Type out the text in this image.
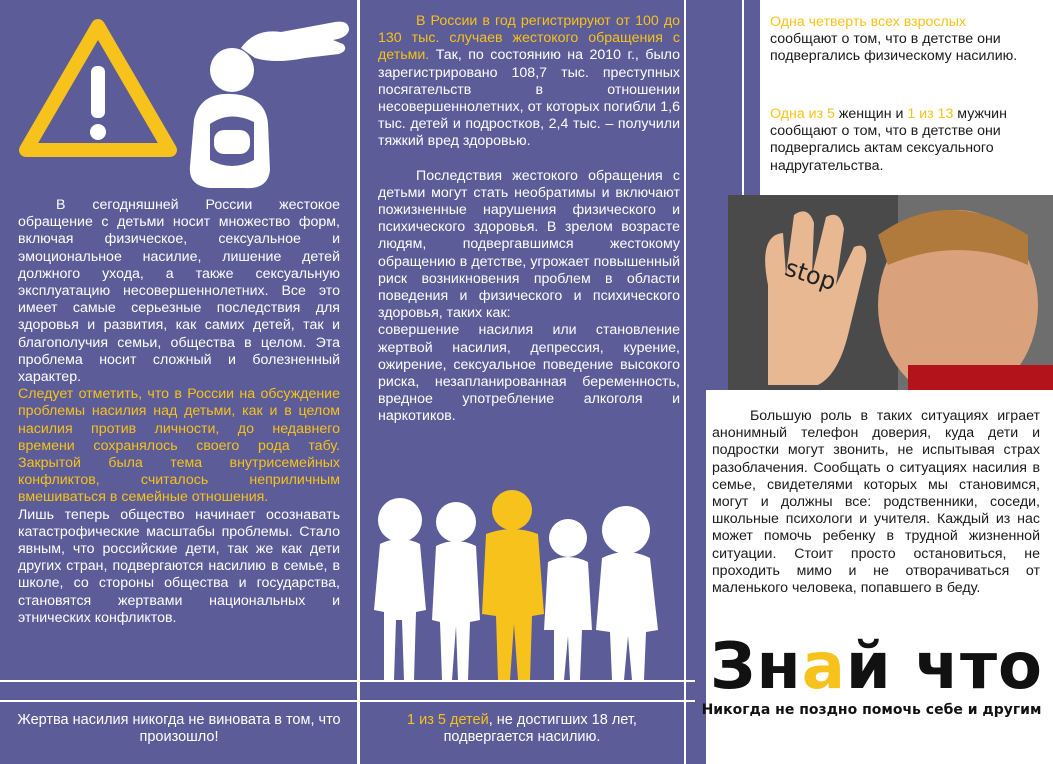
В сегодняшней России жестокое обращение с детьми носит множество форм, включая физическое, сексуальное и эмоциональное насилие, лишение детей должного ухода, а также сексуальную эксплуатацию несовершеннолетних. Все это имеет самые серьезные последствия для здоровья и развития, как самих детей, так и благополучия семьи, общества в целом. Эта проблема носит сложный и болезненный характер.

Следует отметить, что в России на обсуждение проблемы насилия над детьми, как и в целом насилия против личности, до недавнего времени сохранялось своего рода табу. Закрытой была тема внутрисемейных конфликтов, считалось неприличным вмешиваться в семейные отношения.

Лишь теперь общество начинает осознавать катастрофические масштабы проблемы. Стало явным, что российские дети, так же как дети других стран, подвергаются насилию в семье, в школе, со стороны общества и государства, становятся жертвами национальных и этнических конфликтов.

Жертва насилия никогда не виновата в том, что произошло!

В России в год регистрируют от 100 до 130 тыс. случаев жестокого обращения с детьми. Так, по состоянию на 2010 г., было зарегистрировано 108,7 тыс. преступных посягательств в отношении несовершеннолетних, от которых погибли 1,6 тыс. детей и подростков, 2,4 тыс. – получили тяжкий вред здоровью.

Последствия жестокого обращения с детьми могут стать необратимы и включают пожизненные нарушения физического и психического здоровья. В зрелом возрасте людям, подвергавшимся жестокому обращению в детстве, угрожает повышенный риск возникновения проблем в области поведения и физического и психического здоровья, таких как:

совершение насилия или становление жертвой насилия, депрессия, курение, ожирение, сексуальное поведение высокого риска, незапланированная беременность, вредное употребление алкоголя и наркотиков.

1 из 5 детей, не достигших 18 лет, подвергается насилию.

Одна четверть всех взрослых

сообщают о том, что в детстве они подвергались физическому насилию.

Одна из 5 женщин и 1 из 13 мужчин сообщают о том, что в детстве они подвергались актам сексуального надругательства.

stop

Большую роль в таких ситуациях играет анонимный телефон доверия, куда дети и подростки могут звонить, не испытывая страх разоблачения. Сообщать о ситуациях насилия в семье, свидетелями которых мы становимся, могут и должны все: родственники, соседи, школьные психологи и учителя. Каждый из нас может помочь ребенку в трудной жизненной ситуации. Стоит просто остановиться, не проходить мимо и не отворачиваться от маленького человека, попавшего в беду.

Знай что
Никогда не поздно помочь себе и другим
